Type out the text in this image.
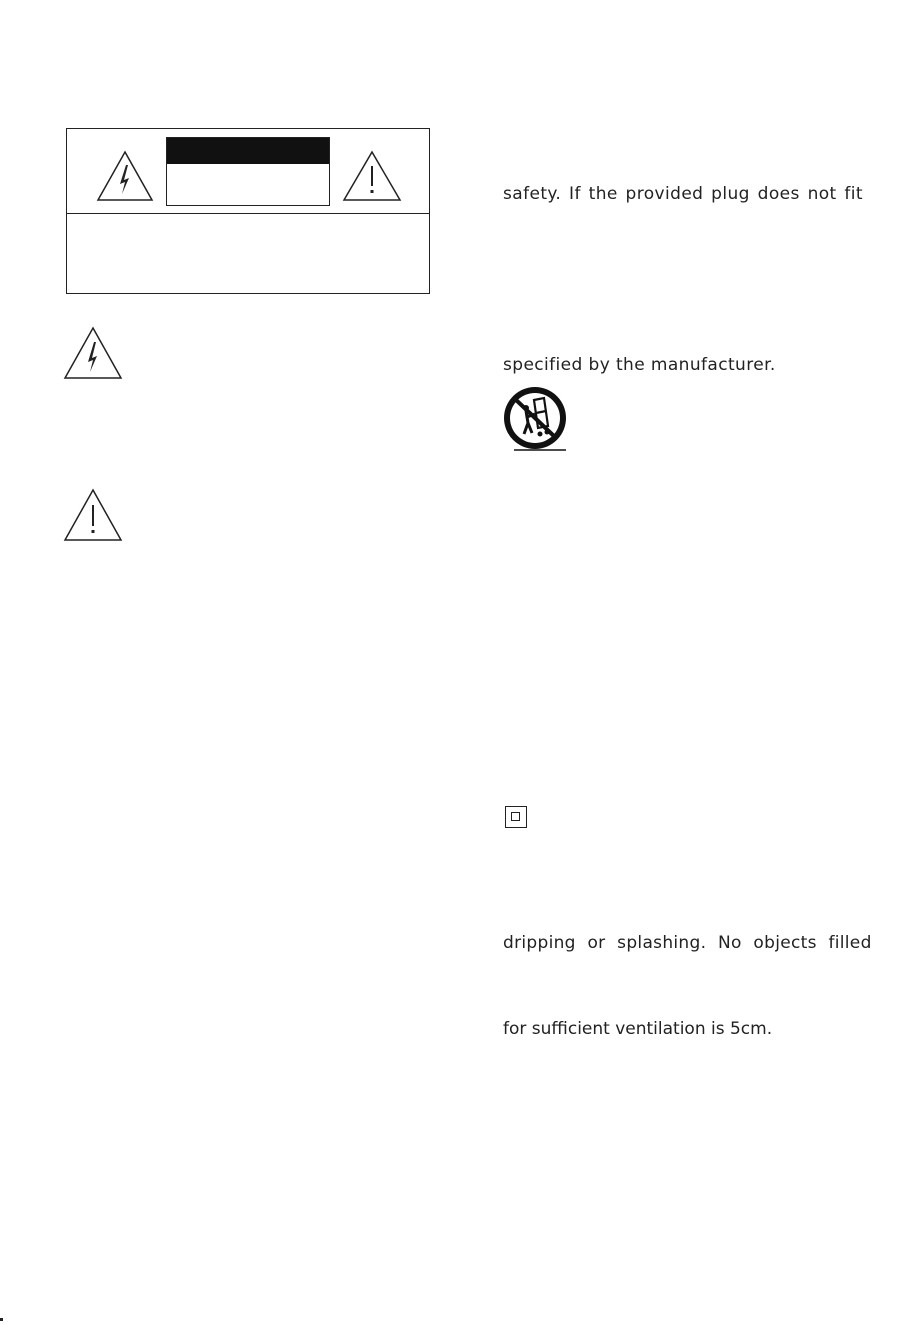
safety. If the provided plug does not fit
specified by the manufacturer.
dripping or splashing. No objects filled
for sufficient ventilation is 5cm.
